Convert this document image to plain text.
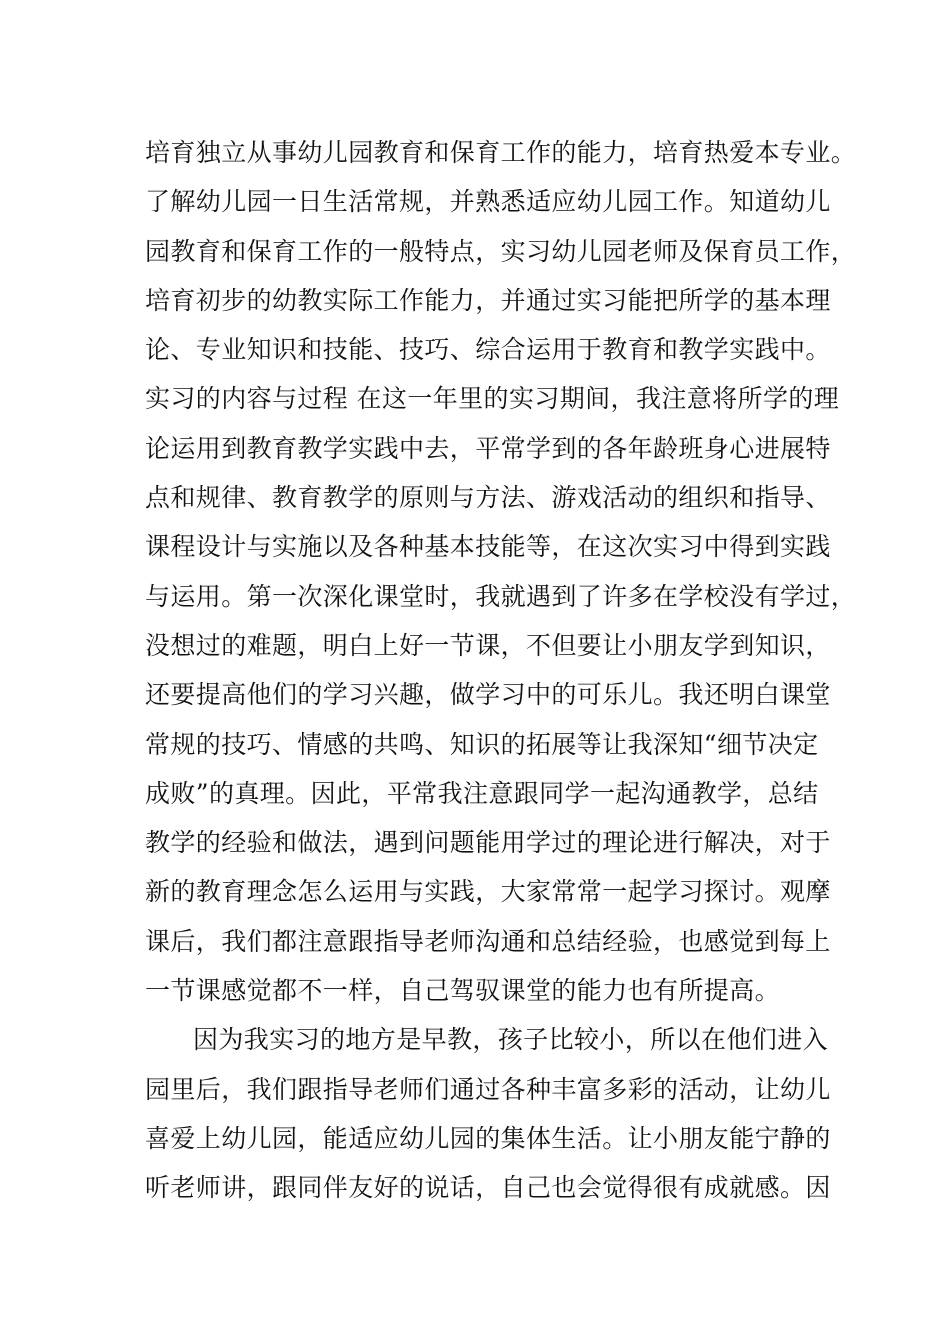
培育独立从事幼儿园教育和保育工作的能力，培育热爱本专业。
了解幼儿园一日生活常规，并熟悉适应幼儿园工作。知道幼儿
园教育和保育工作的一般特点，实习幼儿园老师及保育员工作，
培育初步的幼教实际工作能力，并通过实习能把所学的基本理
论、专业知识和技能、技巧、综合运用于教育和教学实践中。
实习的内容与过程 在这一年里的实习期间，我注意将所学的理
论运用到教育教学实践中去，平常学到的各年龄班身心进展特
点和规律、教育教学的原则与方法、游戏活动的组织和指导、
课程设计与实施以及各种基本技能等，在这次实习中得到实践
与运用。第一次深化课堂时，我就遇到了许多在学校没有学过，
没想过的难题，明白上好一节课，不但要让小朋友学到知识，
还要提高他们的学习兴趣，做学习中的可乐儿。我还明白课堂
常规的技巧、情感的共鸣、知识的拓展等让我深知“细节决定
成败”的真理。因此，平常我注意跟同学一起沟通教学，总结
教学的经验和做法，遇到问题能用学过的理论进行解决，对于
新的教育理念怎么运用与实践，大家常常一起学习探讨。观摩
课后，我们都注意跟指导老师沟通和总结经验，也感觉到每上
一节课感觉都不一样，自己驾驭课堂的能力也有所提高。
因为我实习的地方是早教，孩子比较小，所以在他们进入
园里后，我们跟指导老师们通过各种丰富多彩的活动，让幼儿
喜爱上幼儿园，能适应幼儿园的集体生活。让小朋友能宁静的
听老师讲，跟同伴友好的说话，自己也会觉得很有成就感。因
